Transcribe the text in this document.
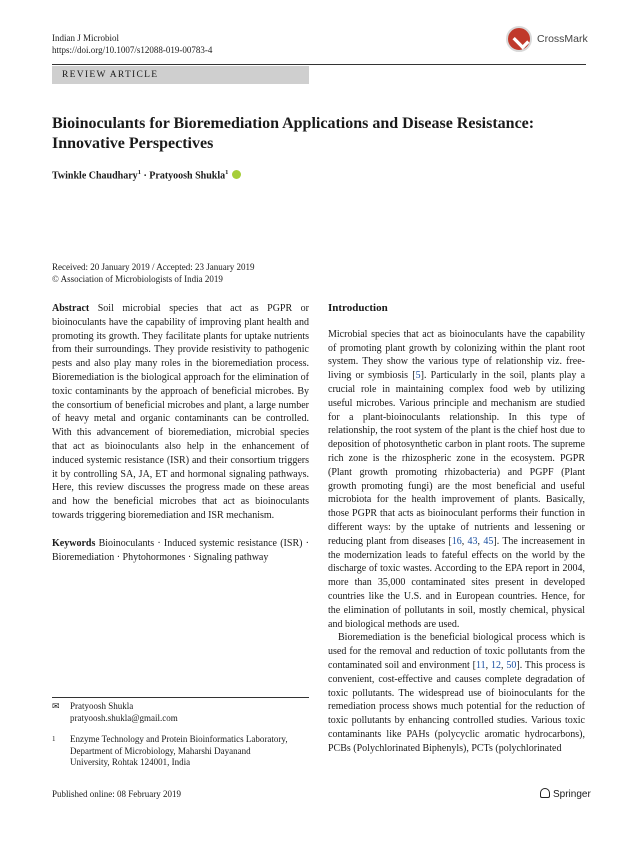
Indian J Microbiol
https://doi.org/10.1007/s12088-019-00783-4
CrossMark
REVIEW ARTICLE
Bioinoculants for Bioremediation Applications and Disease Resistance: Innovative Perspectives
Twinkle Chaudhary$^1$ · Pratyoosh Shukla$^1$
Received: 20 January 2019 / Accepted: 23 January 2019
© Association of Microbiologists of India 2019

Abstract Soil microbial species that act as PGPR or bioinoculants have the capability of improving plant health and promoting its growth. They facilitate plants for uptake nutrients from their surroundings. They provide resistivity to pathogenic pests and also play many roles in the bioremediation process. Bioremediation is the biological approach for the elimination of toxic contaminants by the approach of beneficial microbes. By the consortium of beneficial microbes and plant, a large number of heavy metal and organic contaminants can be controlled. With this advancement of bioremediation, microbial species that act as bioinoculants also help in the enhancement of induced systemic resistance (ISR) and their consortium triggers it by controlling SA, JA, ET and hormonal signaling pathways. Here, this review discusses the progress made on these areas and how the beneficial microbes that act as bioinoculants towards triggering bioremediation and ISR mechanism.

Keywords Bioinoculants · Induced systemic resistance (ISR) · Bioremediation · Phytohormones · Signaling pathway

✉ Pratyoosh Shukla
pratyoosh.shukla@gmail.com
1 Enzyme Technology and Protein Bioinformatics Laboratory,
Department of Microbiology, Maharshi Dayanand
University, Rohtak 124001, India
Introduction

Microbial species that act as bioinoculants have the capability of promoting plant growth by colonizing within the plant root system. They show the various type of relationship viz. free-living or symbiosis [5]. Particularly in the soil, plants play a crucial role in maintaining complex food web by utilizing useful microbes. Various principle and mechanism are studied for a plant-bioinoculants relationship. In this type of relationship, the root system of the plant is the chief host due to deposition of photosynthetic carbon in plant roots. The supreme rich zone is the rhizospheric zone in the ecosystem. PGPR (Plant growth promoting rhizobacteria) and PGPF (Plant growth promoting fungi) are the most beneficial and useful microbiota for the health improvement of plants. Basically, those PGPR that acts as bioinoculant performs their function in different ways: by the uptake of nutrients and lessening or reducing plant from diseases [16, 43, 45]. The increasement in the modernization leads to fateful effects on the world by the discharge of toxic wastes. According to the EPA report in 2004, more than 35,000 contaminated sites present in developed countries like the U.S. and in European countries. Hence, for the elimination of pollutants in soil, mostly chemical, physical and biological methods are used.

Bioremediation is the beneficial biological process which is used for the removal and reduction of toxic pollutants from the contaminated soil and environment [11, 12, 50]. This process is convenient, cost-effective and causes complete degradation of toxic pollutants. The widespread use of bioinoculants for the remediation process shows much potential for the reduction of toxic pollutants by enhancing controlled studies. Various toxic contaminants like PAHs (polycyclic aromatic hydrocarbons), PCBs (Polychlorinated Biphenyls), PCTs (polychlorinated

Published online: 08 February 2019	Springer
